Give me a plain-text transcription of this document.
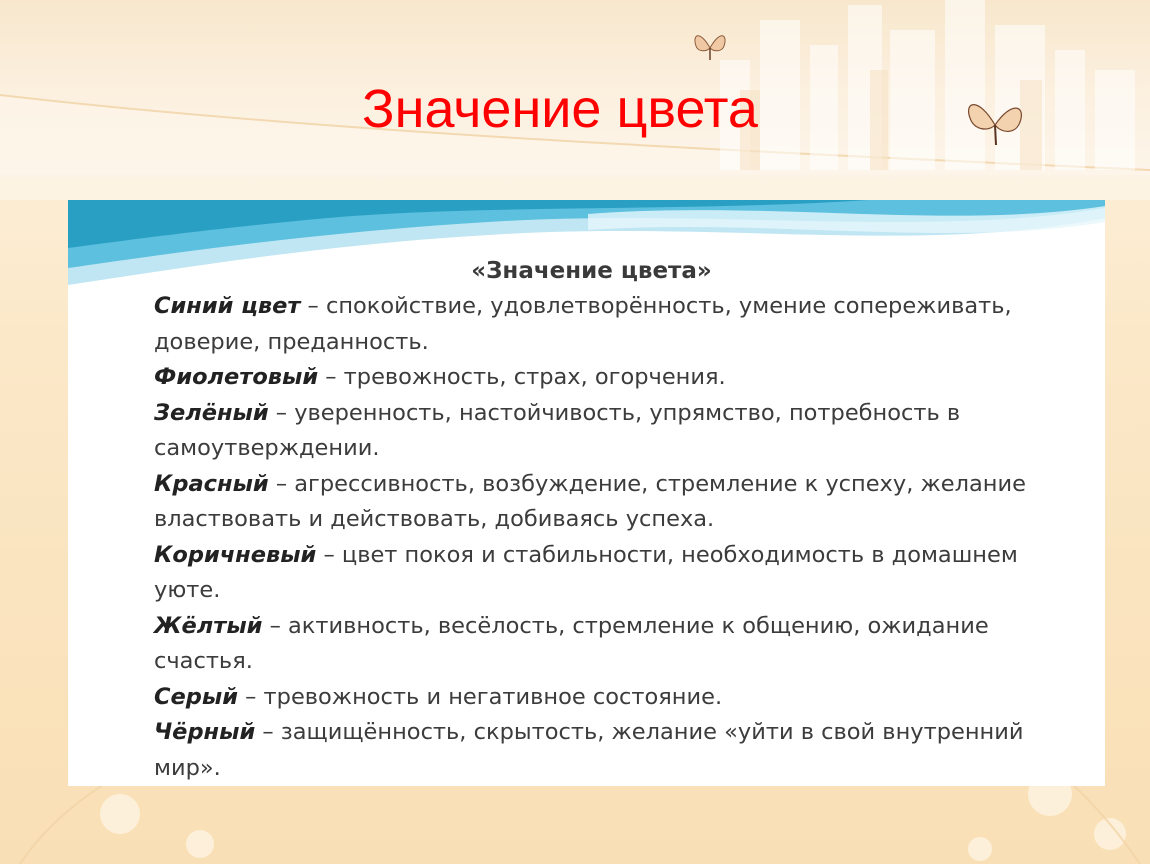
Значение цвета
«Значение цвета»

Синий цвет – спокойствие, удовлетворённость, умение сопереживать, доверие, преданность.

Фиолетовый – тревожность, страх, огорчения.

Зелёный – уверенность, настойчивость, упрямство, потребность в самоутверждении.

Красный – агрессивность, возбуждение, стремление к успеху, желание властвовать и действовать, добиваясь успеха.

Коричневый – цвет покоя и стабильности, необходимость в домашнем уюте.

Жёлтый – активность, весёлость, стремление к общению, ожидание счастья.

Серый – тревожность и негативное состояние.

Чёрный – защищённость, скрытость, желание «уйти в свой внутренний мир».
